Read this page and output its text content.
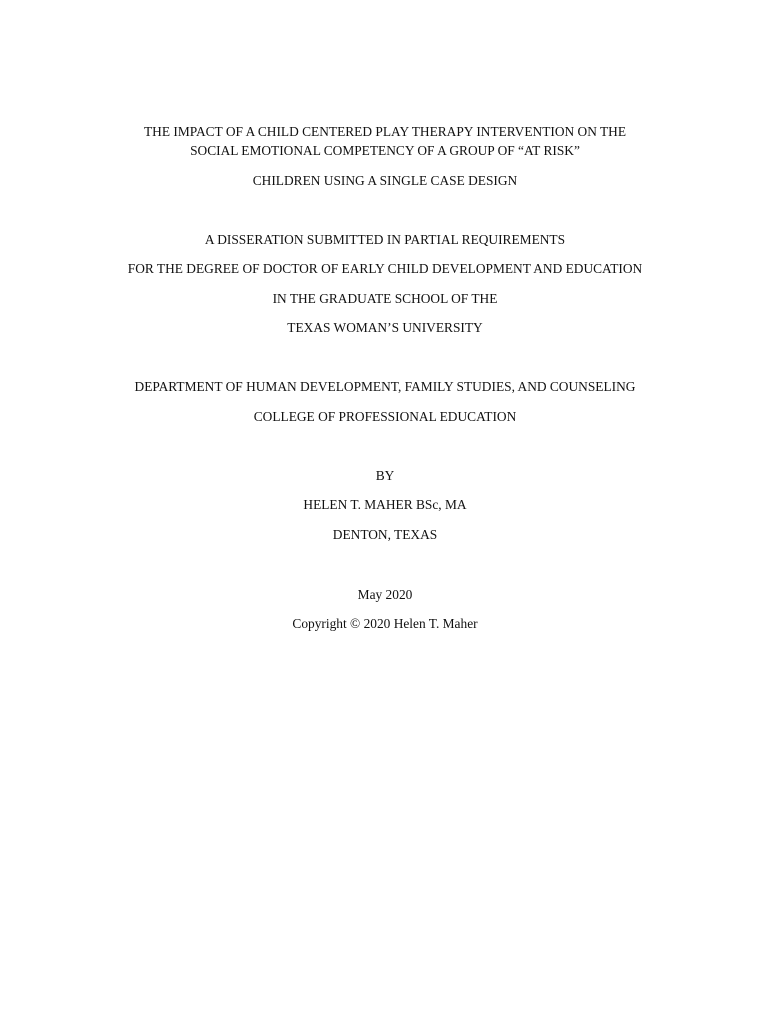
THE IMPACT OF A CHILD CENTERED PLAY THERAPY INTERVENTION ON THE
SOCIAL EMOTIONAL COMPETENCY OF A GROUP OF “AT RISK”
CHILDREN USING A SINGLE CASE DESIGN
A DISSERATION SUBMITTED IN PARTIAL REQUIREMENTS
FOR THE DEGREE OF DOCTOR OF EARLY CHILD DEVELOPMENT AND EDUCATION
IN THE GRADUATE SCHOOL OF THE
TEXAS WOMAN’S UNIVERSITY
DEPARTMENT OF HUMAN DEVELOPMENT, FAMILY STUDIES, AND COUNSELING
COLLEGE OF PROFESSIONAL EDUCATION
BY
HELEN T. MAHER BSc, MA
DENTON, TEXAS
May 2020
Copyright © 2020 Helen T. Maher
